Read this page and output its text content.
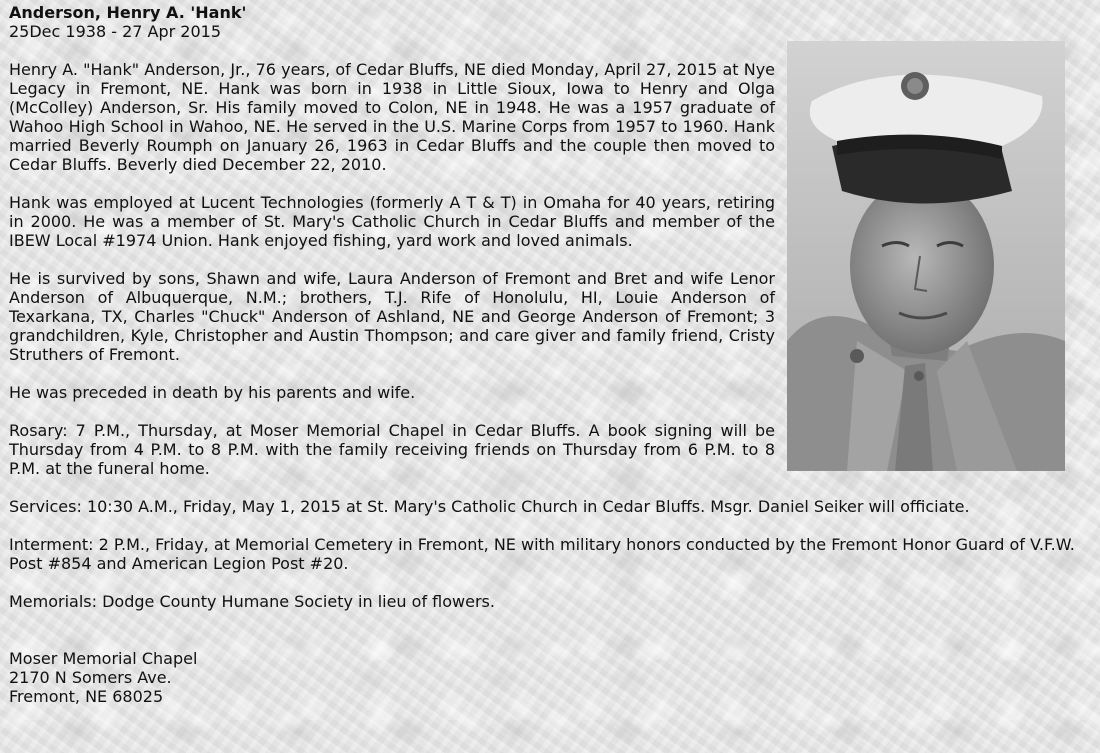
Anderson, Henry A. 'Hank'

25Dec 1938 - 27 Apr 2015

Henry A. "Hank" Anderson, Jr., 76 years, of Cedar Bluffs, NE died Monday, April 27, 2015 at Nye Legacy in Fremont, NE. Hank was born in 1938 in Little Sioux, Iowa to Henry and Olga (McColley) Anderson, Sr. His family moved to Colon, NE in 1948. He was a 1957 graduate of Wahoo High School in Wahoo, NE. He served in the U.S. Marine Corps from 1957 to 1960. Hank married Beverly Roumph on January 26, 1963 in Cedar Bluffs and the couple then moved to Cedar Bluffs. Beverly died December 22, 2010.

Hank was employed at Lucent Technologies (formerly A T & T) in Omaha for 40 years, retiring in 2000. He was a member of St. Mary's Catholic Church in Cedar Bluffs and member of the IBEW Local #1974 Union. Hank enjoyed fishing, yard work and loved animals.

He is survived by sons, Shawn and wife, Laura Anderson of Fremont and Bret and wife Lenor Anderson of Albuquerque, N.M.; brothers, T.J. Rife of Honolulu, HI, Louie Anderson of Texarkana, TX, Charles "Chuck" Anderson of Ashland, NE and George Anderson of Fremont; 3 grandchildren, Kyle, Christopher and Austin Thompson; and care giver and family friend, Cristy Struthers of Fremont.

He was preceded in death by his parents and wife.

Rosary: 7 P.M., Thursday, at Moser Memorial Chapel in Cedar Bluffs. A book signing will be Thursday from 4 P.M. to 8 P.M. with the family receiving friends on Thursday from 6 P.M. to 8 P.M. at the funeral home.

Services: 10:30 A.M., Friday, May 1, 2015 at St. Mary's Catholic Church in Cedar Bluffs. Msgr. Daniel Seiker will officiate.

Interment: 2 P.M., Friday, at Memorial Cemetery in Fremont, NE with military honors conducted by the Fremont Honor Guard of V.F.W. Post #854 and American Legion Post #20.

Memorials: Dodge County Humane Society in lieu of flowers.

Moser Memorial Chapel

2170 N Somers Ave.

Fremont, NE 68025
